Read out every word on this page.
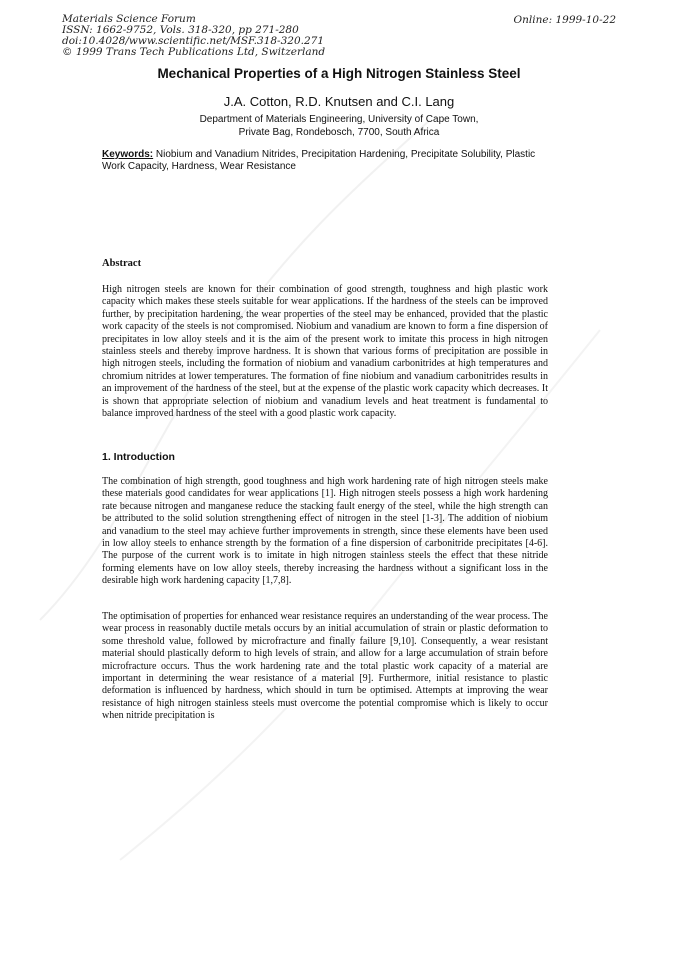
Materials Science Forum
ISSN: 1662-9752, Vols. 318-320, pp 271-280
doi:10.4028/www.scientific.net/MSF.318-320.271
© 1999 Trans Tech Publications Ltd, Switzerland
Online: 1999-10-22
Mechanical Properties of a High Nitrogen Stainless Steel
J.A. Cotton, R.D. Knutsen and C.I. Lang
Department of Materials Engineering, University of Cape Town,
Private Bag, Rondebosch, 7700, South Africa
Keywords: Niobium and Vanadium Nitrides, Precipitation Hardening, Precipitate Solubility, Plastic Work Capacity, Hardness, Wear Resistance
Abstract

High nitrogen steels are known for their combination of good strength, toughness and high plastic work capacity which makes these steels suitable for wear applications. If the hardness of the steels can be improved further, by precipitation hardening, the wear properties of the steel may be enhanced, provided that the plastic work capacity of the steels is not compromised. Niobium and vanadium are known to form a fine dispersion of precipitates in low alloy steels and it is the aim of the present work to imitate this process in high nitrogen stainless steels and thereby improve hardness. It is shown that various forms of precipitation are possible in high nitrogen steels, including the formation of niobium and vanadium carbonitrides at high temperatures and chromium nitrides at lower temperatures. The formation of fine niobium and vanadium carbonitrides results in an improvement of the hardness of the steel, but at the expense of the plastic work capacity which decreases. It is shown that appropriate selection of niobium and vanadium levels and heat treatment is fundamental to balance improved hardness of the steel with a good plastic work capacity.

1. Introduction

The combination of high strength, good toughness and high work hardening rate of high nitrogen steels make these materials good candidates for wear applications [1]. High nitrogen steels possess a high work hardening rate because nitrogen and manganese reduce the stacking fault energy of the steel, while the high strength can be attributed to the solid solution strengthening effect of nitrogen in the steel [1-3]. The addition of niobium and vanadium to the steel may achieve further improvements in strength, since these elements have been used in low alloy steels to enhance strength by the formation of a fine dispersion of carbonitride precipitates [4-6]. The purpose of the current work is to imitate in high nitrogen stainless steels the effect that these nitride forming elements have on low alloy steels, thereby increasing the hardness without a significant loss in the desirable high work hardening capacity [1,7,8].

The optimisation of properties for enhanced wear resistance requires an understanding of the wear process. The wear process in reasonably ductile metals occurs by an initial accumulation of strain or plastic deformation to some threshold value, followed by microfracture and finally failure [9,10]. Consequently, a wear resistant material should plastically deform to high levels of strain, and allow for a large accumulation of strain before microfracture occurs. Thus the work hardening rate and the total plastic work capacity of a material are important in determining the wear resistance of a material [9]. Furthermore, initial resistance to plastic deformation is influenced by hardness, which should in turn be optimised. Attempts at improving the wear resistance of high nitrogen stainless steels must overcome the potential compromise which is likely to occur when nitride precipitation is
